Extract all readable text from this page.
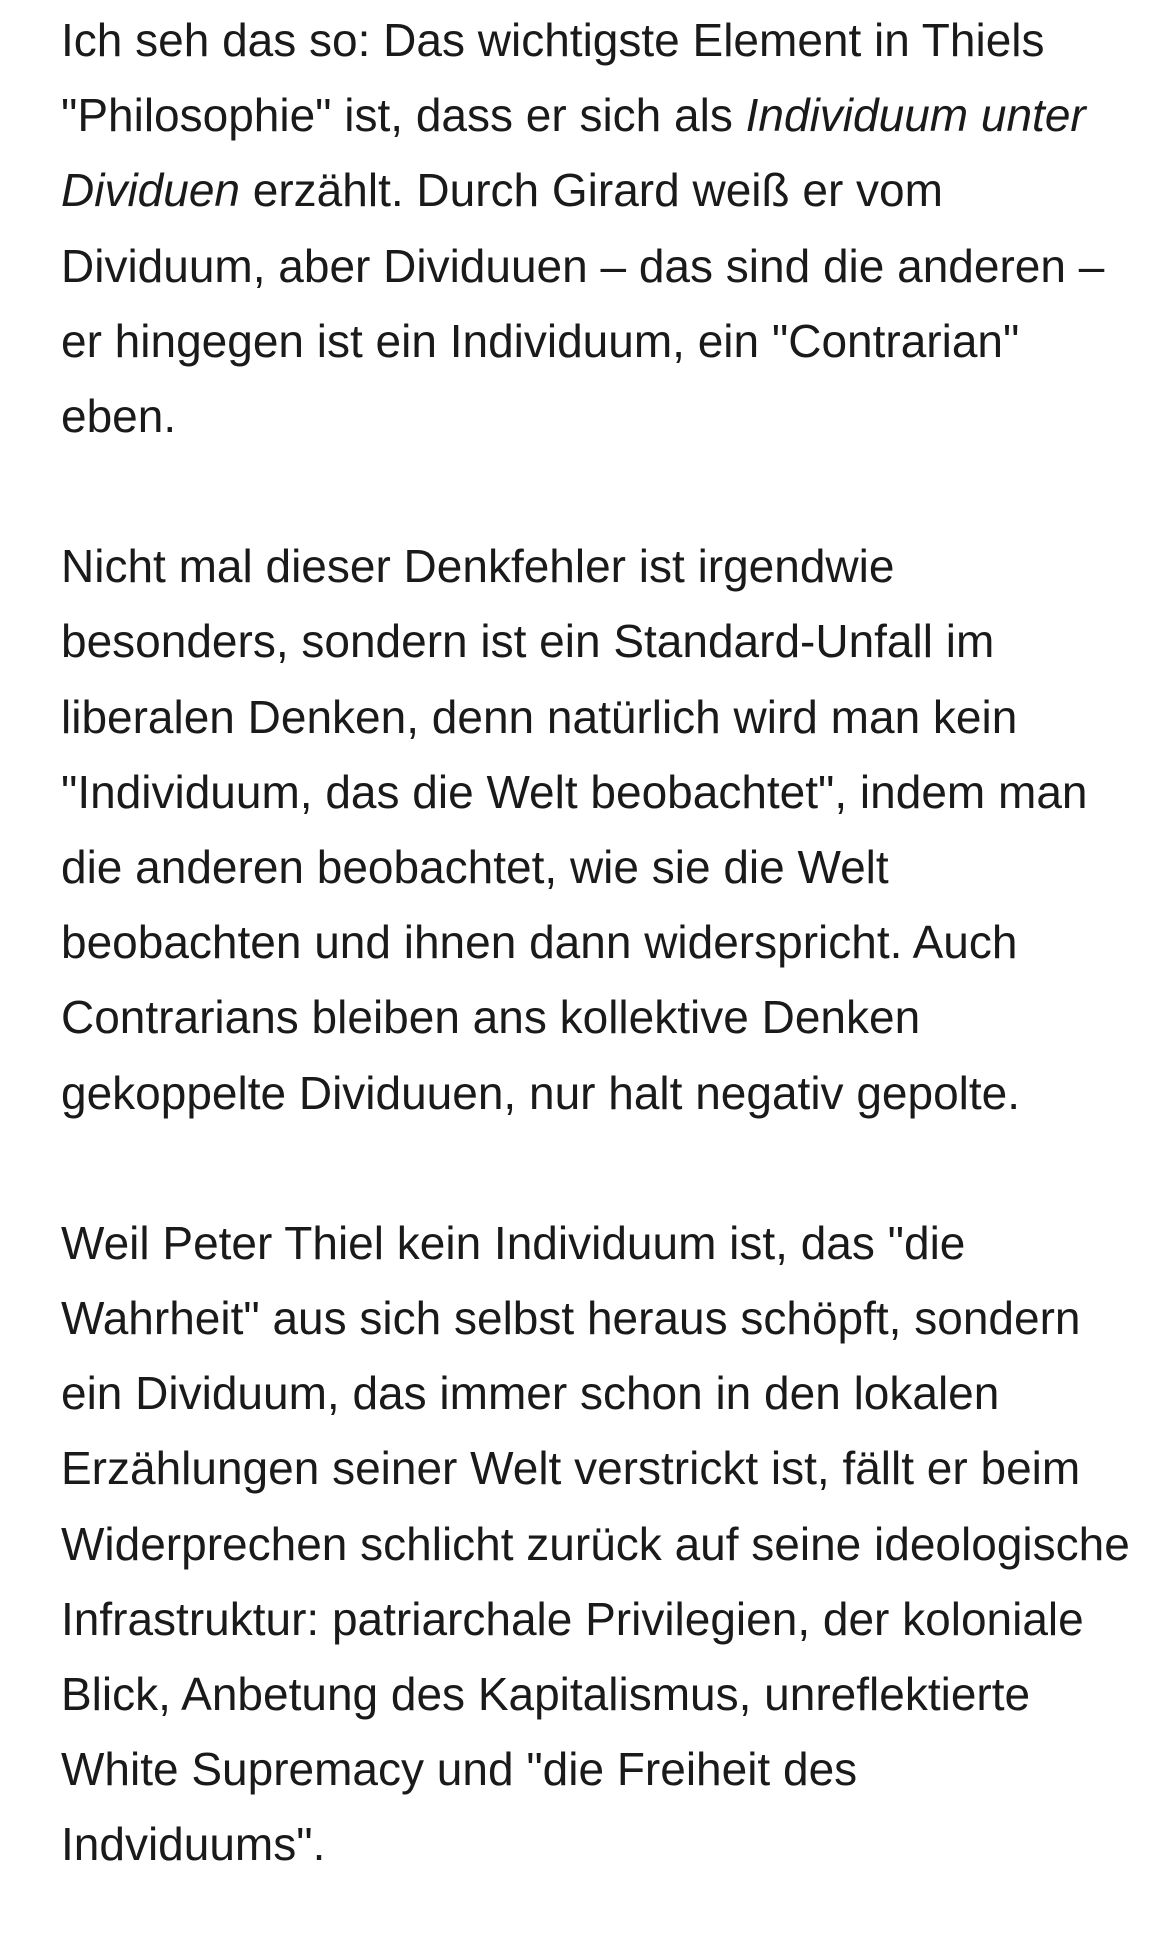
Ich seh das so: Das wichtigste Element in Thiels "Philosophie" ist, dass er sich als Individuum unter Dividuen erzählt. Durch Girard weiß er vom Dividuum, aber Dividuuen – das sind die anderen – er hingegen ist ein Individuum, ein "Contrarian" eben.

Nicht mal dieser Denkfehler ist irgendwie besonders, sondern ist ein Standard-Unfall im liberalen Denken, denn natürlich wird man kein "Individuum, das die Welt beobachtet", indem man die anderen beobachtet, wie sie die Welt beobachten und ihnen dann widerspricht. Auch Contrarians bleiben ans kollektive Denken gekoppelte Dividuuen, nur halt negativ gepolte.

Weil Peter Thiel kein Individuum ist, das "die Wahrheit" aus sich selbst heraus schöpft, sondern ein Dividuum, das immer schon in den lokalen Erzählungen seiner Welt verstrickt ist, fällt er beim Widerprechen schlicht zurück auf seine ideologische Infrastruktur: patriarchale Privilegien, der koloniale Blick, Anbetung des Kapitalismus, unreflektierte White Supremacy und "die Freiheit des Indviduums".
